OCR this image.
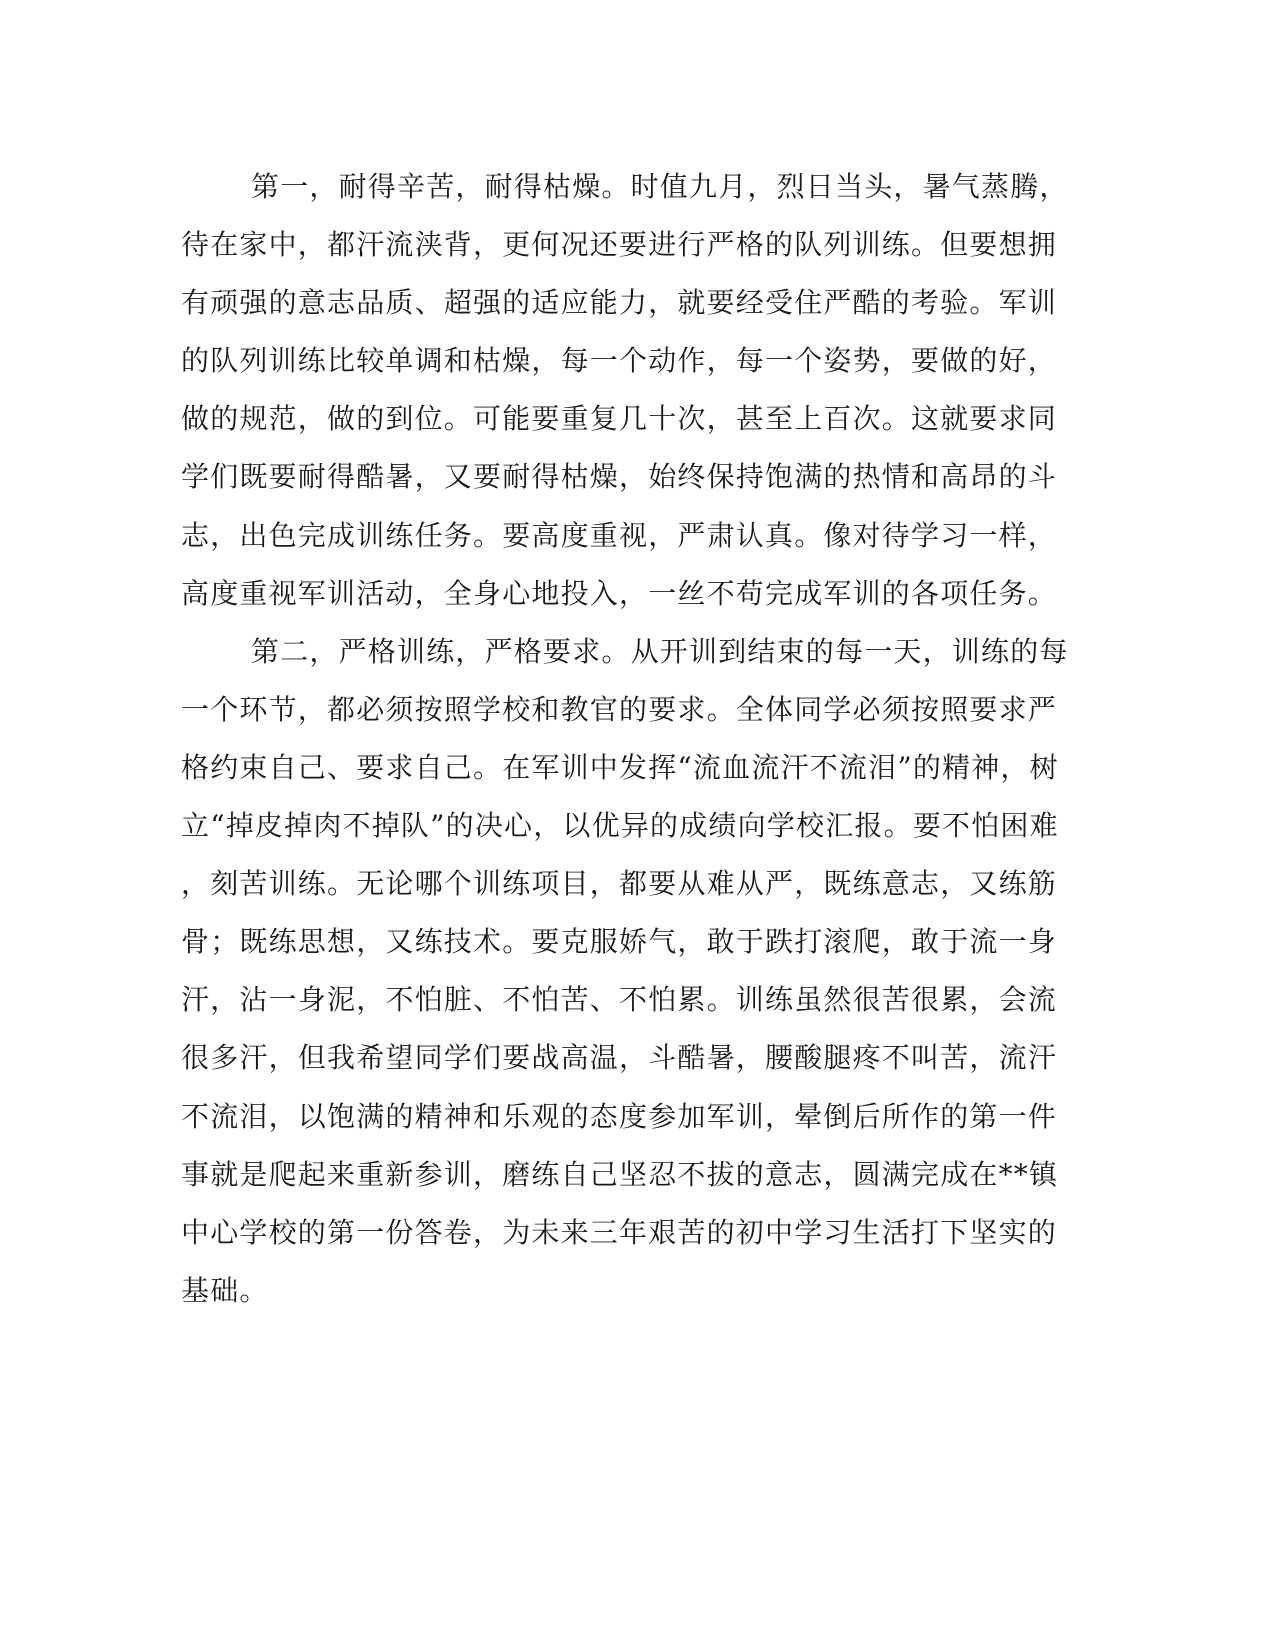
第一，耐得辛苦，耐得枯燥。时值九月，烈日当头，暑气蒸腾，
待在家中，都汗流浃背，更何况还要进行严格的队列训练。但要想拥
有顽强的意志品质、超强的适应能力，就要经受住严酷的考验。军训
的队列训练比较单调和枯燥，每一个动作，每一个姿势，要做的好，
做的规范，做的到位。可能要重复几十次，甚至上百次。这就要求同
学们既要耐得酷暑，又要耐得枯燥，始终保持饱满的热情和高昂的斗
志，出色完成训练任务。要高度重视，严肃认真。像对待学习一样，
高度重视军训活动，全身心地投入，一丝不苟完成军训的各项任务。
第二，严格训练，严格要求。从开训到结束的每一天，训练的每
一个环节，都必须按照学校和教官的要求。全体同学必须按照要求严
格约束自己、要求自己。在军训中发挥“流血流汗不流泪”的精神，树
立“掉皮掉肉不掉队”的决心，以优异的成绩向学校汇报。要不怕困难
，刻苦训练。无论哪个训练项目，都要从难从严，既练意志，又练筋
骨；既练思想，又练技术。要克服娇气，敢于跌打滚爬，敢于流一身
汗，沾一身泥，不怕脏、不怕苦、不怕累。训练虽然很苦很累，会流
很多汗，但我希望同学们要战高温，斗酷暑，腰酸腿疼不叫苦，流汗
不流泪，以饱满的精神和乐观的态度参加军训，晕倒后所作的第一件
事就是爬起来重新参训，磨练自己坚忍不拔的意志，圆满完成在**镇
中心学校的第一份答卷，为未来三年艰苦的初中学习生活打下坚实的
基础。
